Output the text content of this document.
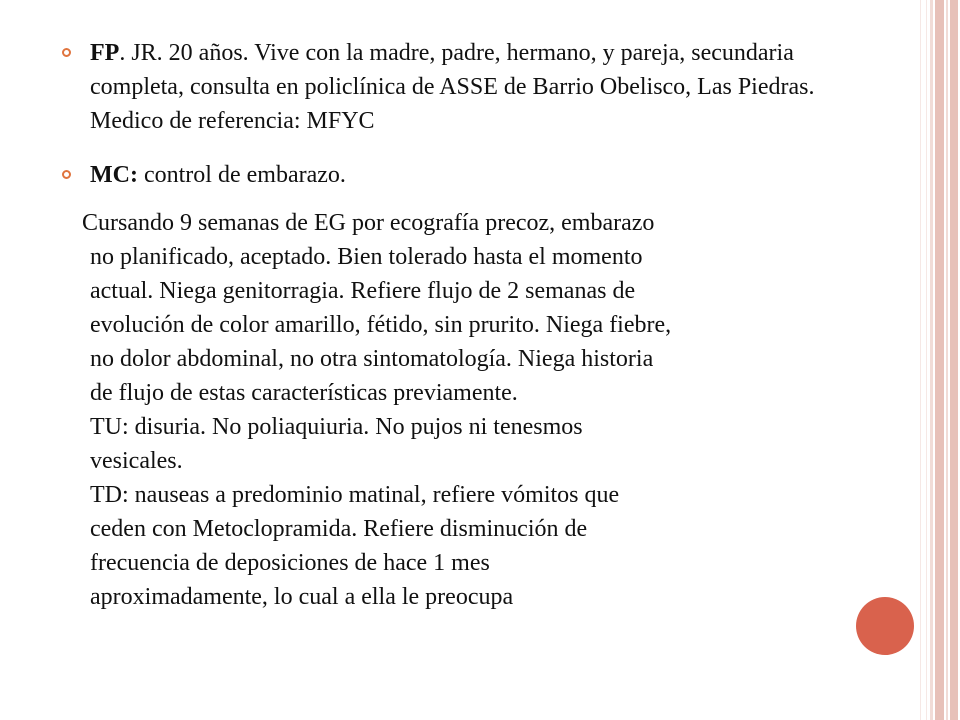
FP. JR. 20 años. Vive con la madre, padre, hermano, y pareja, secundaria completa, consulta en policlínica de ASSE de Barrio Obelisco, Las Piedras. Medico de referencia: MFYC
MC: control de embarazo.
Cursando 9 semanas de EG por ecografía precoz, embarazo
no planificado, aceptado. Bien tolerado hasta el momento
actual. Niega genitorragia. Refiere flujo de 2 semanas de
evolución de color amarillo, fétido, sin prurito. Niega fiebre,
no dolor abdominal, no otra sintomatología. Niega historia
de flujo de estas características previamente.
TU: disuria. No poliaquiuria. No pujos ni tenesmos
vesicales.
TD: nauseas a predominio matinal, refiere vómitos que
ceden con Metoclopramida. Refiere disminución de
frecuencia de deposiciones de hace 1 mes
aproximadamente, lo cual a ella le preocupa
